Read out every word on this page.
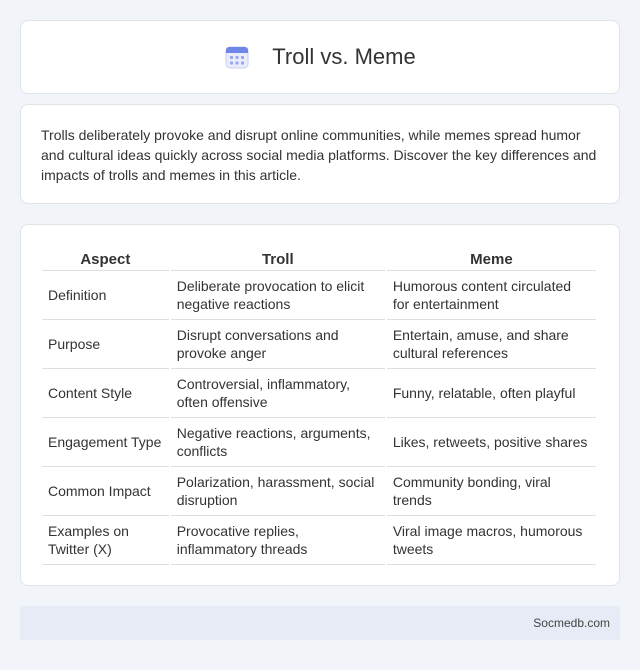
Troll vs. Meme

Trolls deliberately provoke and disrupt online communities, while memes spread humor and cultural ideas quickly across social media platforms. Discover the key differences and impacts of trolls and memes in this article.

Aspect	Troll	Meme
Definition	Deliberate provocation to elicit negative reactions	Humorous content circulated for entertainment
Purpose	Disrupt conversations and provoke anger	Entertain, amuse, and share cultural references
Content Style	Controversial, inflammatory, often offensive	Funny, relatable, often playful
Engagement Type	Negative reactions, arguments, conflicts	Likes, retweets, positive shares
Common Impact	Polarization, harassment, social disruption	Community bonding, viral trends
Examples on Twitter (X)	Provocative replies, inflammatory threads	Viral image macros, humorous tweets
Socmedb.com
